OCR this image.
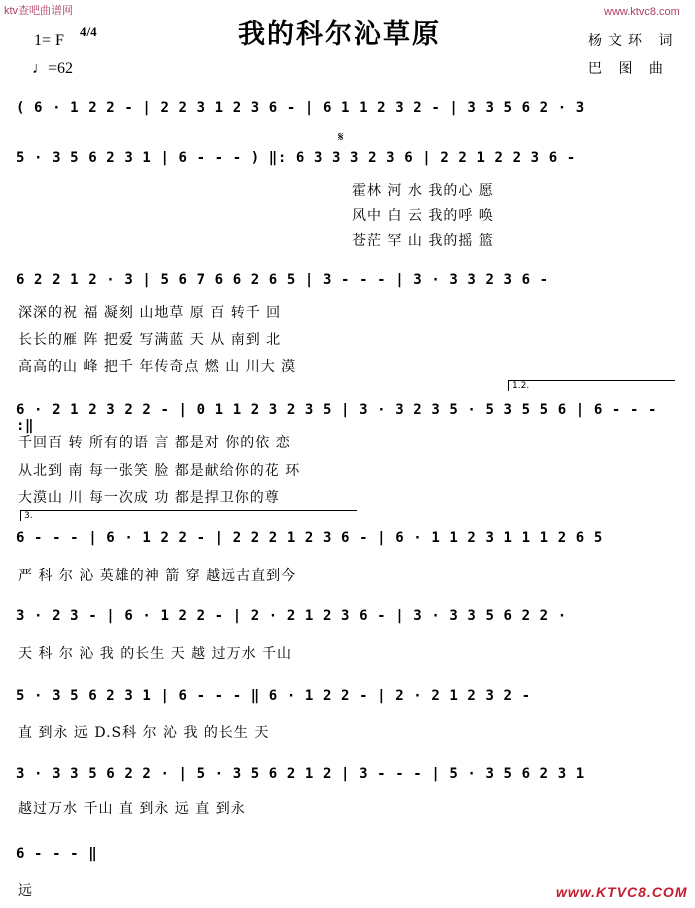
ktv查吧曲谱网	www.ktvc8.com
我的科尔沁草原
1= F
4/4
♩=62
杨文环 词
巴 图 曲
( 6 · 1 2 2 - | 2 2 3 1 2 3 6 - | 6 1 1 2 3 2 - | 3 3 5 6 2 · 3
𝄋
5 · 3 5 6 2 3 1 | 6 - - - ) ‖: 6 3 3 3 2 3 6 | 2 2 1 2 2 3 6 -
霍林 河 水 我的心 愿
风中 白 云 我的呼 唤
苍茫 罕 山 我的摇 篮
6 2 2 1 2 · 3 | 5 6 7 6 6 2 6 5 | 3 - - - | 3 · 3 3 2 3 6 -
深深的祝 福 凝刻 山地草 原 百 转千 回
长长的雁 阵 把爱 写满蓝 天 从 南到 北
高高的山 峰 把千 年传奇点 燃 山 川大 漠
1.2.
6 · 2 1 2 3 2 2 - | 0 1 1 2 3 2 3 5 | 3 · 3 2 3 5 · 5 3 5 5 6 | 6 - - - :‖
千回百 转 所有的语 言 都是对 你的依 恋
从北到 南 每一张笑 脸 都是献给你的花 环
大漠山 川 每一次成 功 都是捍卫你的尊
3.
6 - - - | 6 · 1 2 2 - | 2 2 2 1 2 3 6 - | 6 · 1 1 2 3 1 1 1 2 6 5
严 科 尔 沁 英雄的神 箭 穿 越远古直到今
3 · 2 3 - | 6 · 1 2 2 - | 2 · 2 1 2 3 6 - | 3 · 3 3 5 6 2 2 ·
天 科 尔 沁 我 的长生 天 越 过万水 千山
5 · 3 5 6 2 3 1 | 6 - - - ‖ 6 · 1 2 2 - | 2 · 2 1 2 3 2 -
直 到永 远 D.S科 尔 沁 我 的长生 天
3 · 3 3 5 6 2 2 · | 5 · 3 5 6 2 1 2 | 3 - - - | 5 · 3 5 6 2 3 1
越过万水 千山 直 到永 远 直 到永
6 - - - ‖
远	www.KTVC8.COM
